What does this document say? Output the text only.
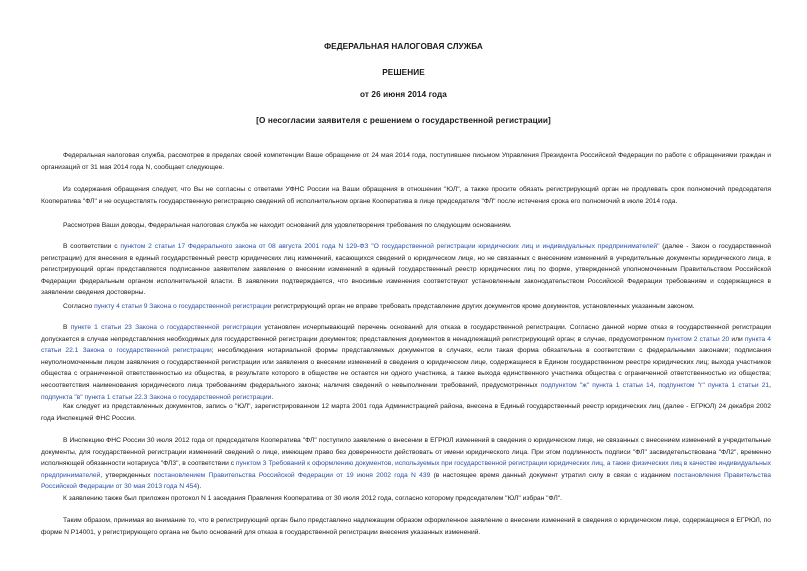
ФЕДЕРАЛЬНАЯ НАЛОГОВАЯ СЛУЖБА
РЕШЕНИЕ
от 26 июня 2014 года
[О несогласии заявителя с решением о государственной регистрации]

Федеральная налоговая служба, рассмотрев в пределах своей компетенции Ваше обращение от 24 мая 2014 года, поступившее письмом Управления Президента Российской Федерации по работе с обращениями граждан и организаций от 31 мая 2014 года N, сообщает следующее.

Из содержания обращения следует, что Вы не согласны с ответами УФНС России на Ваши обращения в отношении "ЮЛ", а также просите обязать регистрирующий орган не продлевать срок полномочий председателя Кооператива "ФЛ" и не осуществлять государственную регистрацию сведений об исполнительном органе Кооператива в лице председателя "ФЛ" после истечения срока его полномочий в июле 2014 года.

Рассмотрев Ваши доводы, Федеральная налоговая служба не находит оснований для удовлетворения требования по следующим основаниям.

В соответствии с пунктом 2 статьи 17 Федерального закона от 08 августа 2001 года N 129-ФЗ "О государственной регистрации юридических лиц и индивидуальных предпринимателей" (далее - Закон о государственной регистрации) для внесения в единый государственный реестр юридических лиц изменений, касающихся сведений о юридическом лице, но не связанных с внесением изменений в учредительные документы юридического лица, в регистрирующий орган представляется подписанное заявителем заявление о внесении изменений в единый государственный реестр юридических лиц по форме, утвержденной уполномоченным Правительством Российской Федерации федеральным органом исполнительной власти. В заявлении подтверждается, что вносимые изменения соответствуют установленным законодательством Российской Федерации требованиям и содержащиеся в заявлении сведения достоверны.

Согласно пункту 4 статьи 9 Закона о государственной регистрации регистрирующий орган не вправе требовать представление других документов кроме документов, установленных указанным законом.

В пункте 1 статьи 23 Закона о государственной регистрации установлен исчерпывающий перечень оснований для отказа в государственной регистрации. Согласно данной норме отказ в государственной регистрации допускается в случае непредставления необходимых для государственной регистрации документов; представления документов в ненадлежащий регистрирующий орган; в случае, предусмотренном пунктом 2 статьи 20 или пункта 4 статьи 22.1 Закона о государственной регистрации; несоблюдения нотариальной формы представляемых документов в случаях, если такая форма обязательна в соответствии с федеральными законами; подписания неуполномоченным лицом заявления о государственной регистрации или заявления о внесении изменений в сведения о юридическом лице, содержащиеся в Едином государственном реестре юридических лиц; выхода участников общества с ограниченной ответственностью из общества, в результате которого в обществе не остается ни одного участника, а также выхода единственного участника общества с ограниченной ответственностью из общества; несоответствия наименования юридического лица требованиям федерального закона; наличия сведений о невыполнении требований, предусмотренных подпунктом "ж" пункта 1 статьи 14, подпунктом "г" пункта 1 статьи 21, подпункта "в" пункта 1 статьи 22.3 Закона о государственной регистрации.

Как следует из представленных документов, запись о "ЮЛ", зарегистрированном 12 марта 2001 года Администрацией района, внесена в Единый государственный реестр юридических лиц (далее - ЕГРЮЛ) 24 декабря 2002 года Инспекцией ФНС России.

В Инспекцию ФНС России 30 июля 2012 года от председателя Кооператива "ФЛ" поступило заявление о внесении в ЕГРЮЛ изменений в сведения о юридическом лице, не связанных с внесением изменений в учредительные документы, для государственной регистрации изменений сведений о лице, имеющем право без доверенности действовать от имени юридического лица. При этом подлинность подписи "ФЛ" засвидетельствована "ФЛ2", временно исполняющей обязанности нотариуса "ФЛ3", в соответствии с пунктом 3 Требований к оформлению документов, используемых при государственной регистрации юридических лиц, а также физических лиц в качестве индивидуальных предпринимателей, утвержденных постановлением Правительства Российской Федерации от 19 июня 2002 года N 439 (в настоящее время данный документ утратил силу в связи с изданием постановления Правительства Российской Федерации от 30 мая 2013 года N 454).

К заявлению также был приложен протокол N 1 заседания Правления Кооператива от 30 июля 2012 года, согласно которому председателем "ЮЛ" избран "ФЛ".

Таким образом, принимая во внимание то, что в регистрирующий орган было представлено надлежащим образом оформленное заявление о внесении изменений в сведения о юридическом лице, содержащиеся в ЕГРЮЛ, по форме N Р14001, у регистрирующего органа не было оснований для отказа в государственной регистрации внесения указанных изменений.
